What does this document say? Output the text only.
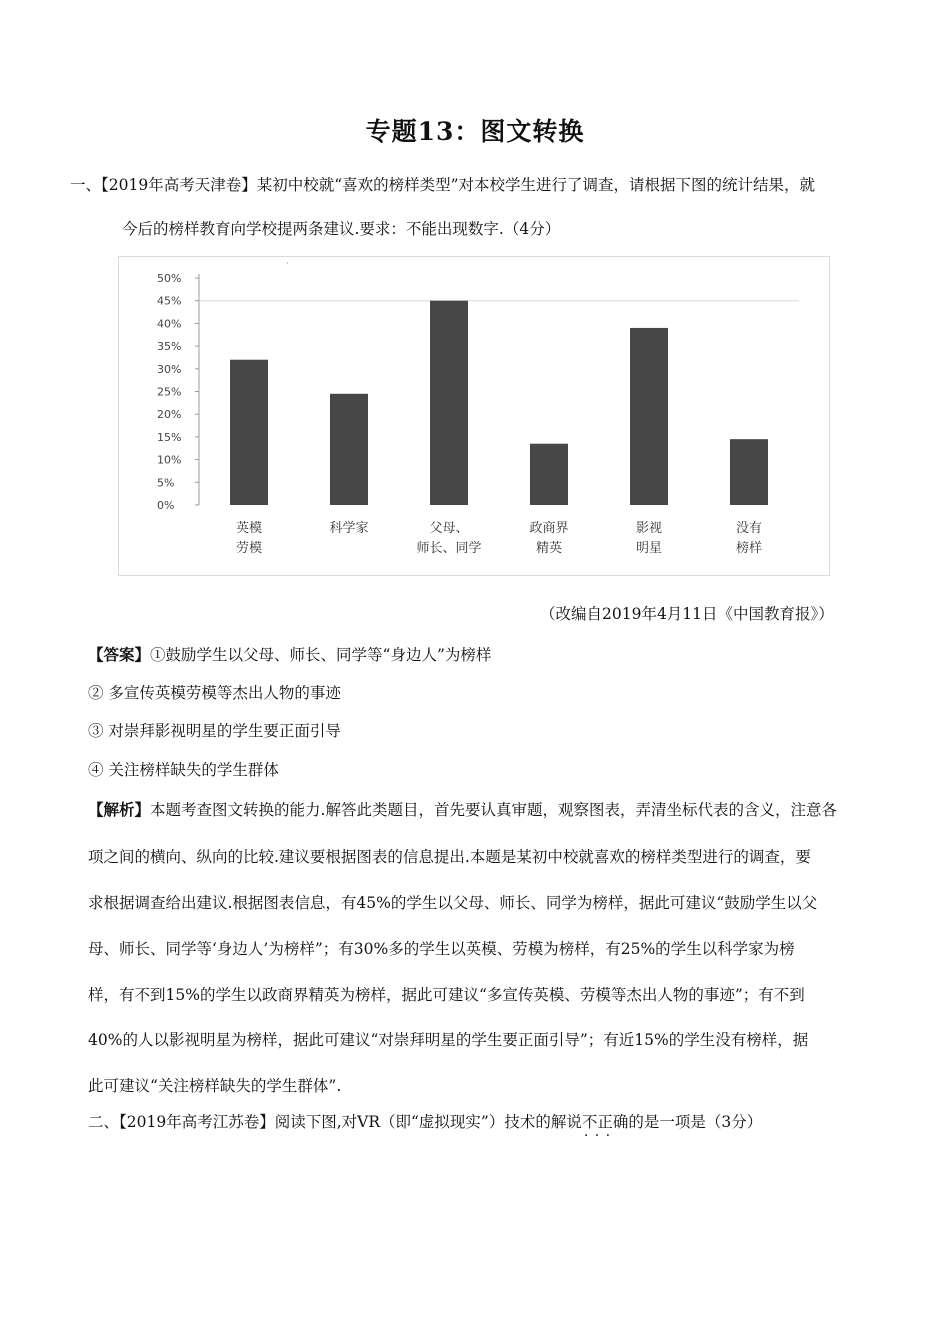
专题13：图文转换
一、【2019年高考天津卷】某初中校就“喜欢的榜样类型”对本校学生进行了调查，请根据下图的统计结果，就
今后的榜样教育向学校提两条建议.要求：不能出现数字.（4分）
0%
5%
10%
15%
20%
25%
30%
35%
40%
45%
50%
·
英模
劳模
科学家	父母、
师长、同学
政商界
精英
影视
明星
没有
榜样
（改编自2019年4月11日《中国教育报》）
【答案】①鼓励学生以父母、师长、同学等“身边人”为榜样
② 多宣传英模劳模等杰出人物的事迹
③ 对崇拜影视明星的学生要正面引导
④ 关注榜样缺失的学生群体
【解析】本题考查图文转换的能力.解答此类题目，首先要认真审题，观察图表，弄清坐标代表的含义，注意各
项之间的横向、纵向的比较.建议要根据图表的信息提出.本题是某初中校就喜欢的榜样类型进行的调查，要
求根据调查给出建议.根据图表信息，有45%的学生以父母、师长、同学为榜样，据此可建议“鼓励学生以父
母、师长、同学等‘身边人’为榜样”；有30%多的学生以英模、劳模为榜样，有25%的学生以科学家为榜
样，有不到15%的学生以政商界精英为榜样，据此可建议“多宣传英模、劳模等杰出人物的事迹”；有不到
40%的人以影视明星为榜样，据此可建议“对崇拜明星的学生要正面引导”；有近15%的学生没有榜样，据
此可建议“关注榜样缺失的学生群体”.
二、【2019年高考江苏卷】阅读下图,对VR（即“虚拟现实”）技术的解说不正确 · · ·的是一项是（3分）
